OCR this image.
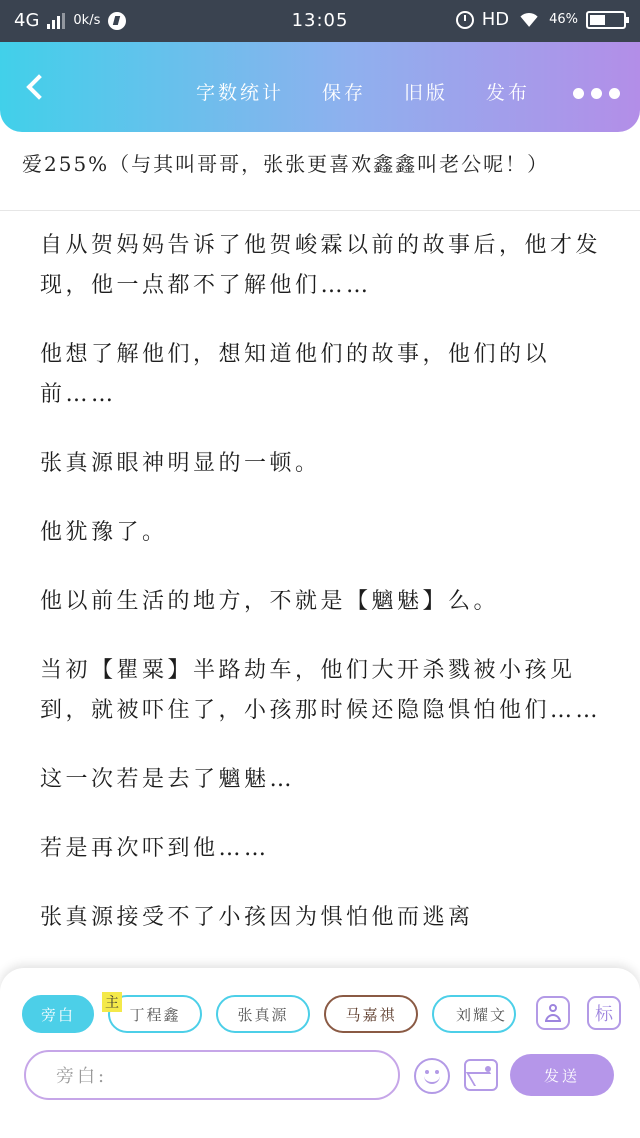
4G	0k/s	13:05	HD	46%
字数统计 保存 旧版 发布
爱255%（与其叫哥哥，张张更喜欢鑫鑫叫老公呢！）

自从贺妈妈告诉了他贺峻霖以前的故事后，他才发现，他一点都不了解他们……

他想了解他们，想知道他们的故事，他们的以前……

张真源眼神明显的一顿。

他犹豫了。

他以前生活的地方，不就是【魑魅】么。

当初【瞿粟】半路劫车，他们大开杀戮被小孩见到，就被吓住了，小孩那时候还隐隐惧怕他们……

这一次若是去了魑魅…

若是再次吓到他……

张真源接受不了小孩因为惧怕他而逃离

旁白	丁程鑫
主
张真源	马嘉祺	刘耀文	标
旁白:	发送
